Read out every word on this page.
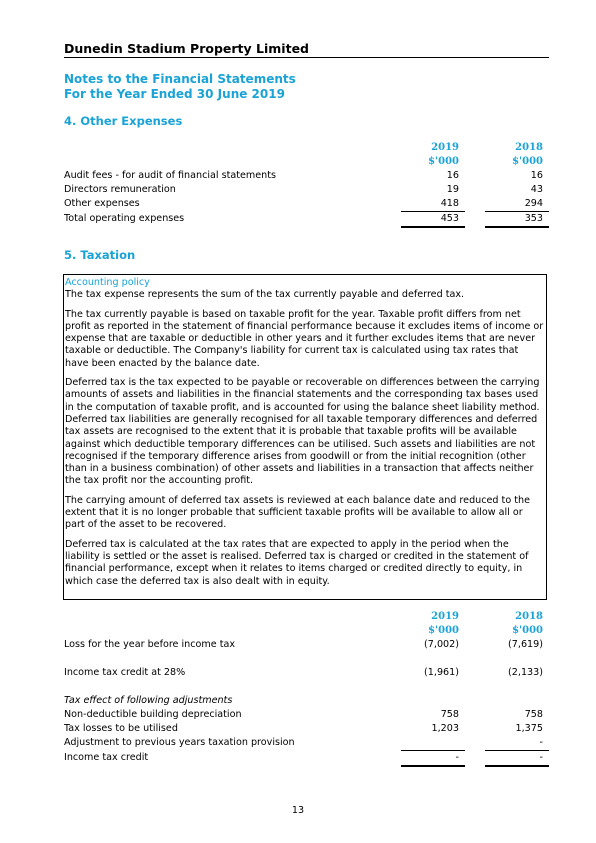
Dunedin Stadium Property Limited
Notes to the Financial Statements
For the Year Ended 30 June 2019
4. Other Expenses
	2019		2018
	$'000		$'000
Audit fees - for audit of financial statements	16		16
Directors remuneration	19		43
Other expenses	418		294
Total operating expenses	453		353
5. Taxation
Accounting policy

The tax expense represents the sum of the tax currently payable and deferred tax.

The tax currently payable is based on taxable profit for the year. Taxable profit differs from net profit as reported in the statement of financial performance because it excludes items of income or expense that are taxable or deductible in other years and it further excludes items that are never taxable or deductible. The Company's liability for current tax is calculated using tax rates that have been enacted by the balance date.

Deferred tax is the tax expected to be payable or recoverable on differences between the carrying amounts of assets and liabilities in the financial statements and the corresponding tax bases used in the computation of taxable profit, and is accounted for using the balance sheet liability method. Deferred tax liabilities are generally recognised for all taxable temporary differences and deferred tax assets are recognised to the extent that it is probable that taxable profits will be available against which deductible temporary differences can be utilised. Such assets and liabilities are not recognised if the temporary difference arises from goodwill or from the initial recognition (other than in a business combination) of other assets and liabilities in a transaction that affects neither the tax profit nor the accounting profit.

The carrying amount of deferred tax assets is reviewed at each balance date and reduced to the extent that it is no longer probable that sufficient taxable profits will be available to allow all or part of the asset to be recovered.

Deferred tax is calculated at the tax rates that are expected to apply in the period when the liability is settled or the asset is realised. Deferred tax is charged or credited in the statement of financial performance, except when it relates to items charged or credited directly to equity, in which case the deferred tax is also dealt with in equity.

	2019		2018
	$'000		$'000
Loss for the year before income tax	(7,002)		(7,619)

Income tax credit at 28%	(1,961)		(2,133)

Tax effect of following adjustments			
Non-deductible building depreciation	758		758
Tax losses to be utilised	1,203		1,375
Adjustment to previous years taxation provision			-
Income tax credit	-		-
13
